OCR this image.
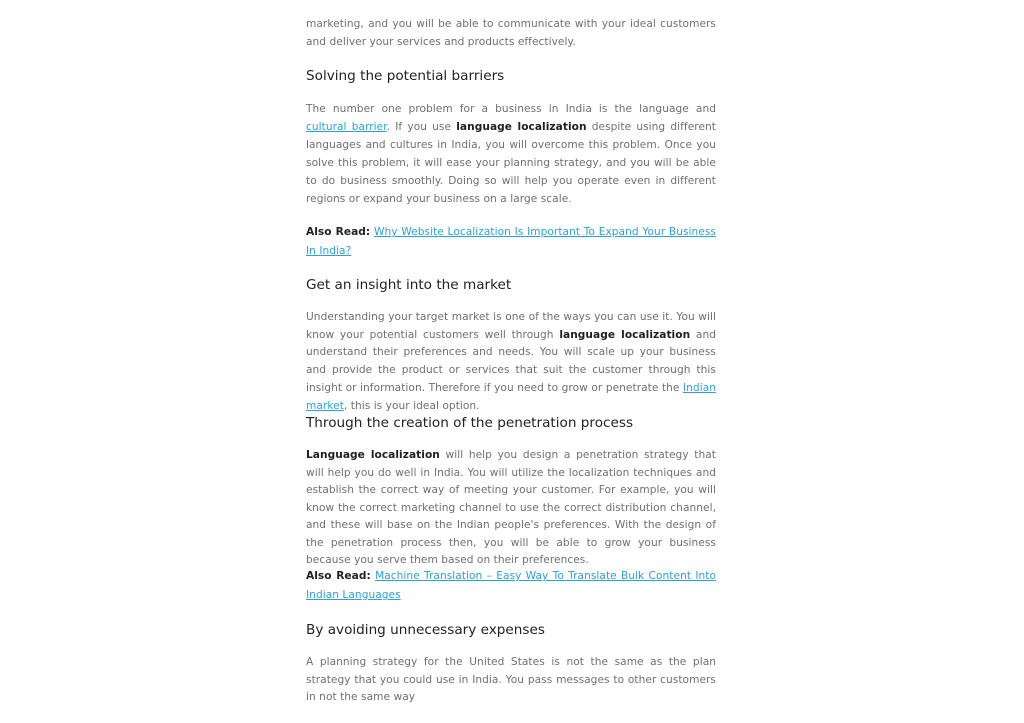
marketing, and you will be able to communicate with your ideal customers and deliver your services and products effectively.

Solving the potential barriers

The number one problem for a business in India is the language and cultural barrier. If you use language localization despite using different languages and cultures in India, you will overcome this problem. Once you solve this problem, it will ease your planning strategy, and you will be able to do business smoothly. Doing so will help you operate even in different regions or expand your business on a large scale.

Also Read: Why Website Localization Is Important To Expand Your Business In India?

Get an insight into the market

Understanding your target market is one of the ways you can use it. You will know your potential customers well through language localization and understand their preferences and needs. You will scale up your business and provide the product or services that suit the customer through this insight or information. Therefore if you need to grow or penetrate the Indian market, this is your ideal option.

Through the creation of the penetration process

Language localization will help you design a penetration strategy that will help you do well in India. You will utilize the localization techniques and establish the correct way of meeting your customer. For example, you will know the correct marketing channel to use the correct distribution channel, and these will base on the Indian people's preferences. With the design of the penetration process then, you will be able to grow your business because you serve them based on their preferences.

Also Read: Machine Translation – Easy Way To Translate Bulk Content Into Indian Languages

By avoiding unnecessary expenses

A planning strategy for the United States is not the same as the plan strategy that you could use in India. You pass messages to other customers in not the same way
